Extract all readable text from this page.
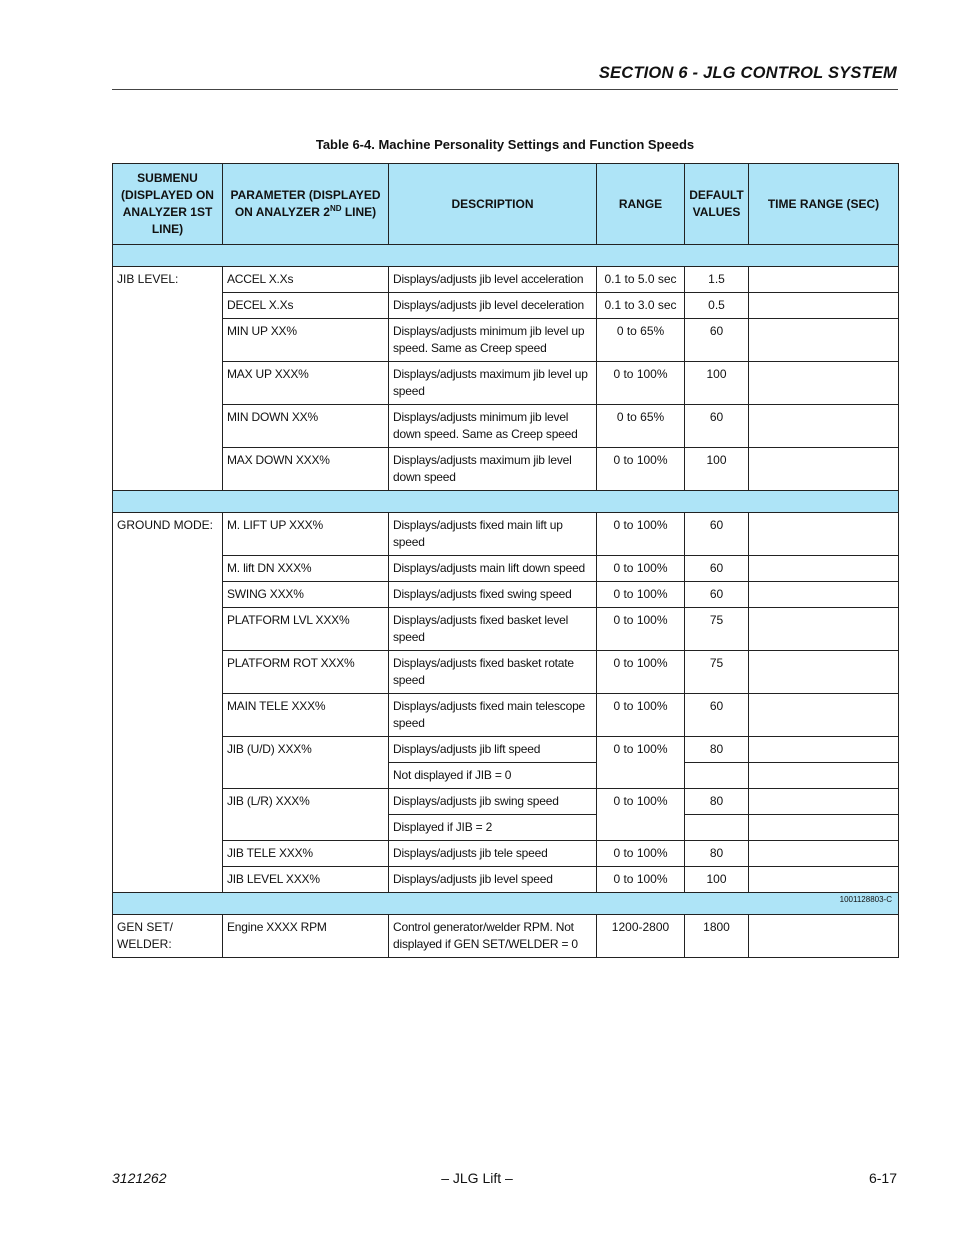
SECTION 6 - JLG CONTROL SYSTEM
Table 6-4. Machine Personality Settings and Function Speeds
SUBMENU (DISPLAYED ON ANALYZER 1ST LINE)	PARAMETER (DISPLAYED ON ANALYZER 2ND LINE)	DESCRIPTION	RANGE	DEFAULT VALUES	TIME RANGE (SEC)

JIB LEVEL:	ACCEL X.Xs	Displays/adjusts jib level acceleration	0.1 to 5.0 sec	1.5	
	DECEL X.Xs	Displays/adjusts jib level deceleration	0.1 to 3.0 sec	0.5	
	MIN UP XX%	Displays/adjusts minimum jib level up speed. Same as Creep speed	0 to 65%	60	
	MAX UP XXX%	Displays/adjusts maximum jib level up speed	0 to 100%	100	
	MIN DOWN XX%	Displays/adjusts minimum jib level down speed. Same as Creep speed	0 to 65%	60	
	MAX DOWN XXX%	Displays/adjusts maximum jib level down speed	0 to 100%	100	

GROUND MODE:	M. LIFT UP XXX%	Displays/adjusts fixed main lift up speed	0 to 100%	60	
	M. lift DN XXX%	Displays/adjusts main lift down speed	0 to 100%	60	
	SWING XXX%	Displays/adjusts fixed swing speed	0 to 100%	60	
	PLATFORM LVL XXX%	Displays/adjusts fixed basket level speed	0 to 100%	75	
	PLATFORM ROT XXX%	Displays/adjusts fixed basket rotate speed	0 to 100%	75	
	MAIN TELE XXX%	Displays/adjusts fixed main telescope speed	0 to 100%	60	
	JIB (U/D) XXX%	Displays/adjusts jib lift speed	0 to 100%	80	
		Not displayed if JIB = 0			
	JIB (L/R) XXX%	Displays/adjusts jib swing speed	0 to 100%	80	
		Displayed if JIB = 2			
	JIB TELE XXX%	Displays/adjusts jib tele speed	0 to 100%	80	
	JIB LEVEL XXX%	Displays/adjusts jib level speed	0 to 100%	100	

GEN SET/ WELDER:	Engine XXXX RPM	Control generator/welder RPM. Not displayed if GEN SET/WELDER = 0	1200-2800	1800	
1001128803-C
3121262	– JLG Lift –	6-17
